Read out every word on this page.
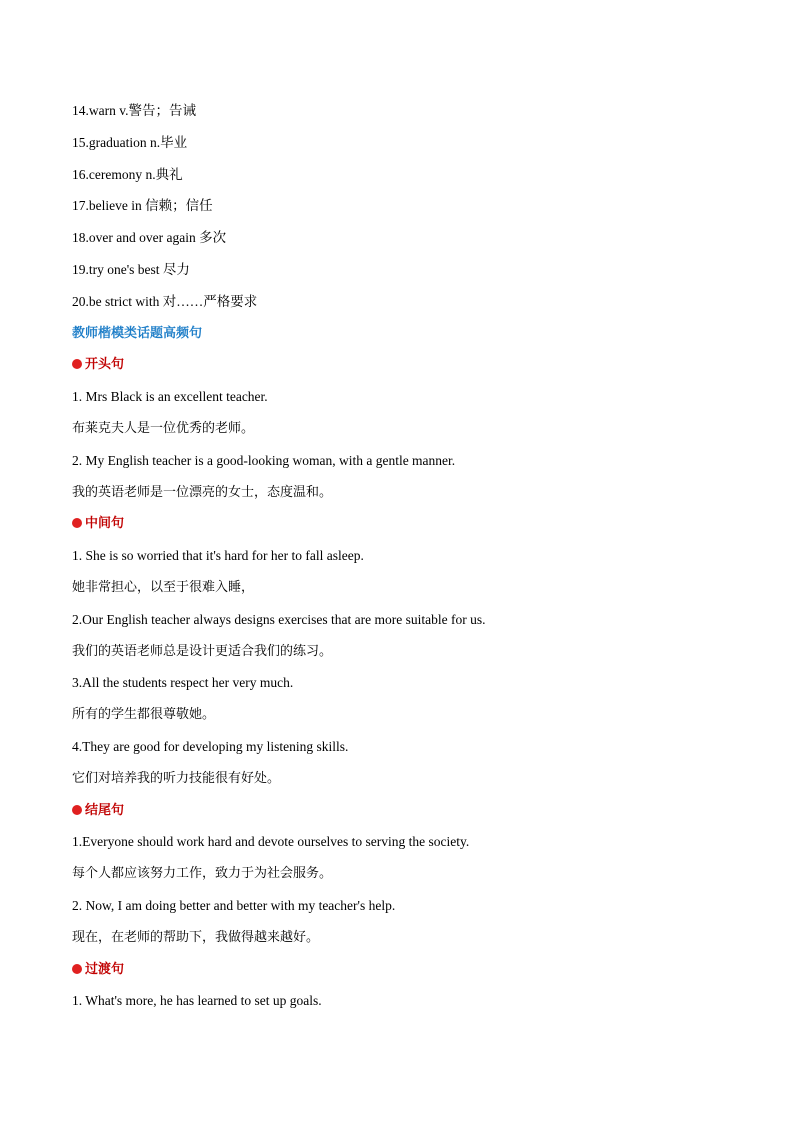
14.warn v.警告；告诫
15.graduation n.毕业
16.ceremony n.典礼
17.believe in 信赖；信任
18.over and over again 多次
19.try one's best 尽力
20.be strict with 对……严格要求
教师楷模类话题高频句
开头句
1. Mrs Black is an excellent teacher.
布莱克夫人是一位优秀的老师。
2. My English teacher is a good-looking woman, with a gentle manner.
我的英语老师是一位漂亮的女士，态度温和。
中间句
1. She is so worried that it's hard for her to fall asleep.
她非常担心，以至于很难入睡，
2.Our English teacher always designs exercises that are more suitable for us.
我们的英语老师总是设计更适合我们的练习。
3.All the students respect her very much.
所有的学生都很尊敬她。
4.They are good for developing my listening skills.
它们对培养我的听力技能很有好处。
结尾句
1.Everyone should work hard and devote ourselves to serving the society.
每个人都应该努力工作，致力于为社会服务。
2. Now, I am doing better and better with my teacher's help.
现在，在老师的帮助下，我做得越来越好。
过渡句
1. What's more, he has learned to set up goals.
